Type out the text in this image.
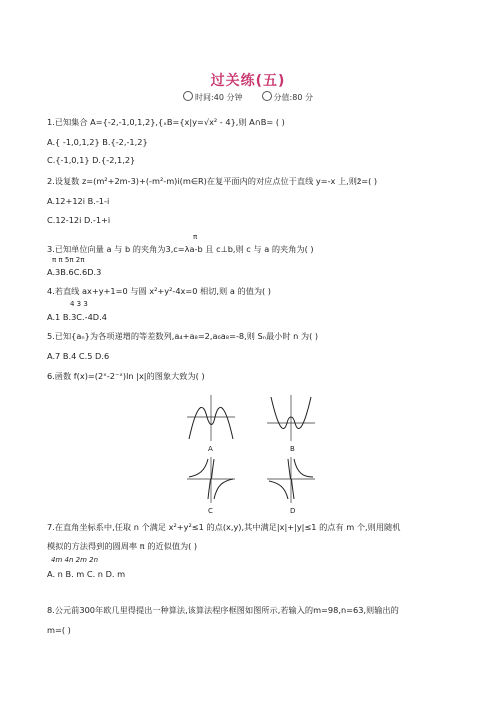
过关练(五)
时间:40 分钟	分值:80 分
1.已知集合 A={-2,-1,0,1,2},{ₓB={x|y=√x² - 4},则 A∩B= ( )
A.{ -1,0,1,2} B.{-2,-1,2}
C.{-1,0,1} D.{-2,1,2}
2.设复数 z=(m²+2m-3)+(-m²-m)i(m∈R)在复平面内的对应点位于直线 y=-x 上,则z̄=( )
A.12+12i B.-1-i
C.12-12i D.-1+i
π
3.已知单位向量 a 与 b 的夹角为3,c=λa-b 且 c⊥b,则 c 与 a 的夹角为( )
π π 5π 2π
A.3B.6C.6D.3
4.若直线 ax+y+1=0 与圆 x²+y²-4x=0 相切,则 a 的值为( )
4 3 3
A.1 B.3C.-4D.4
5.已知{aₙ}为各项递增的等差数列,a₄+a₈=2,a₆a₈=-8,则 Sₙ最小时 n 为( )
A.7 B.4 C.5 D.6
6.函数 f(x)=(2ˣ-2⁻ˣ)ln |x|的图象大致为( )
A	B
C	D
7.在直角坐标系中,任取 n 个满足 x²+y²≤1 的点(x,y),其中满足|x|+|y|≤1 的点有 m 个,则用随机
模拟的方法得到的圆周率 π 的近似值为( )
4m 4n 2m 2n
A. n B. m C. n D. m
8.公元前300年欧几里得提出一种算法,该算法程序框图如图所示,若输入的m=98,n=63,则输出的
m=( )
